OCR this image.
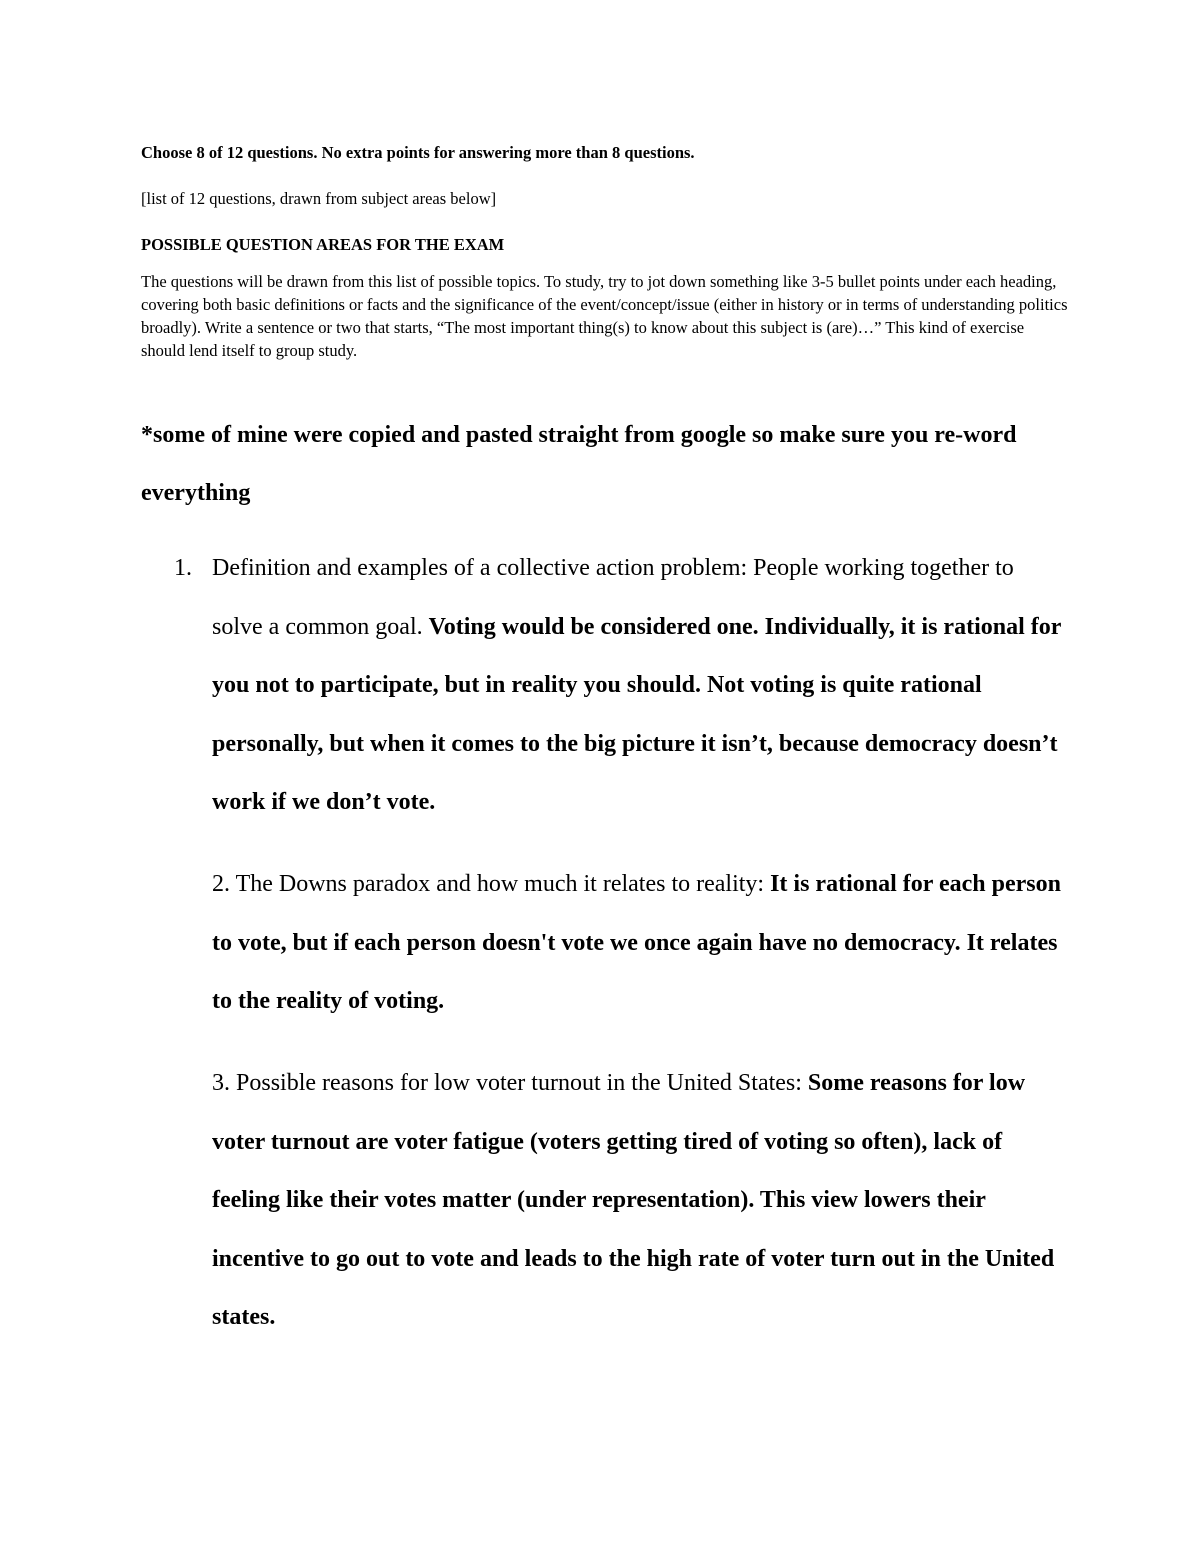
Choose 8 of 12 questions. No extra points for answering more than 8 questions.
[list of 12 questions, drawn from subject areas below]
POSSIBLE QUESTION AREAS FOR THE EXAM
The questions will be drawn from this list of possible topics. To study, try to jot down something like 3-5 bullet points under each heading, covering both basic definitions or facts and the significance of the event/concept/issue (either in history or in terms of understanding politics broadly). Write a sentence or two that starts, “The most important thing(s) to know about this subject is (are)…” This kind of exercise should lend itself to group study.
*some of mine were copied and pasted straight from google so make sure you re-word everything
1. Definition and examples of a collective action problem: People working together to solve a common goal. Voting would be considered one. Individually, it is rational for you not to participate, but in reality you should. Not voting is quite rational personally, but when it comes to the big picture it isn’t, because democracy doesn’t work if we don’t vote.
2. The Downs paradox and how much it relates to reality: It is rational for each person to vote, but if each person doesn't vote we once again have no democracy. It relates to the reality of voting.
3. Possible reasons for low voter turnout in the United States: Some reasons for low voter turnout are voter fatigue (voters getting tired of voting so often), lack of feeling like their votes matter (under representation). This view lowers their incentive to go out to vote and leads to the high rate of voter turn out in the United states.
